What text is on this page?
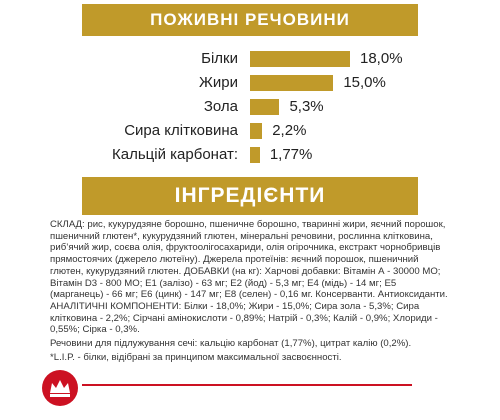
ПОЖИВНІ РЕЧОВИНИ
Білки	18,0%
Жири	15,0%
Зола	5,3%
Сира клітковина 2,2%
Кальцій карбонат: 1,77%
ІНГРЕДІЄНТИ

СКЛАД: рис, кукурудзяне борошно, пшеничне борошно, тваринні жири, яєчний порошок, пшеничний глютен*, кукурудзяний глютен, мінеральні речовини, рослинна клітковина, риб’ячий жир, соєва олія, фруктоолігосахариди, олія огірочника, екстракт чорнобривців прямостоячих (джерело лютеїну). Джерела протеїнів: яєчний порошок, пшеничний глютен, кукурудзяний глютен. ДОБАВКИ (на кг): Харчові добавки: Вітамін А - 30000 МО; Вітамін D3 - 800 МО; Е1 (залізо) - 63 мг; Е2 (йод) - 5,3 мг; Е4 (мідь) - 14 мг; Е5 (марганець) - 66 мг; Е6 (цинк) - 147 мг; Е8 (селен) - 0,16 мг. Консерванти. Антиоксиданти. АНАЛІТИЧНІ КОМПОНЕНТИ: Білки - 18,0%; Жири - 15,0%; Сира зола - 5,3%; Сира клітковина - 2,2%; Сірчані амінокислоти - 0,89%; Натрій - 0,3%; Калій - 0,9%; Хлориди - 0,55%; Сірка - 0,3%.

Речовини для підлужування сечі: кальцію карбонат (1,77%), цитрат калію (0,2%).

*L.I.P. - білки, відібрані за принципом максимальної засвоєнності.
